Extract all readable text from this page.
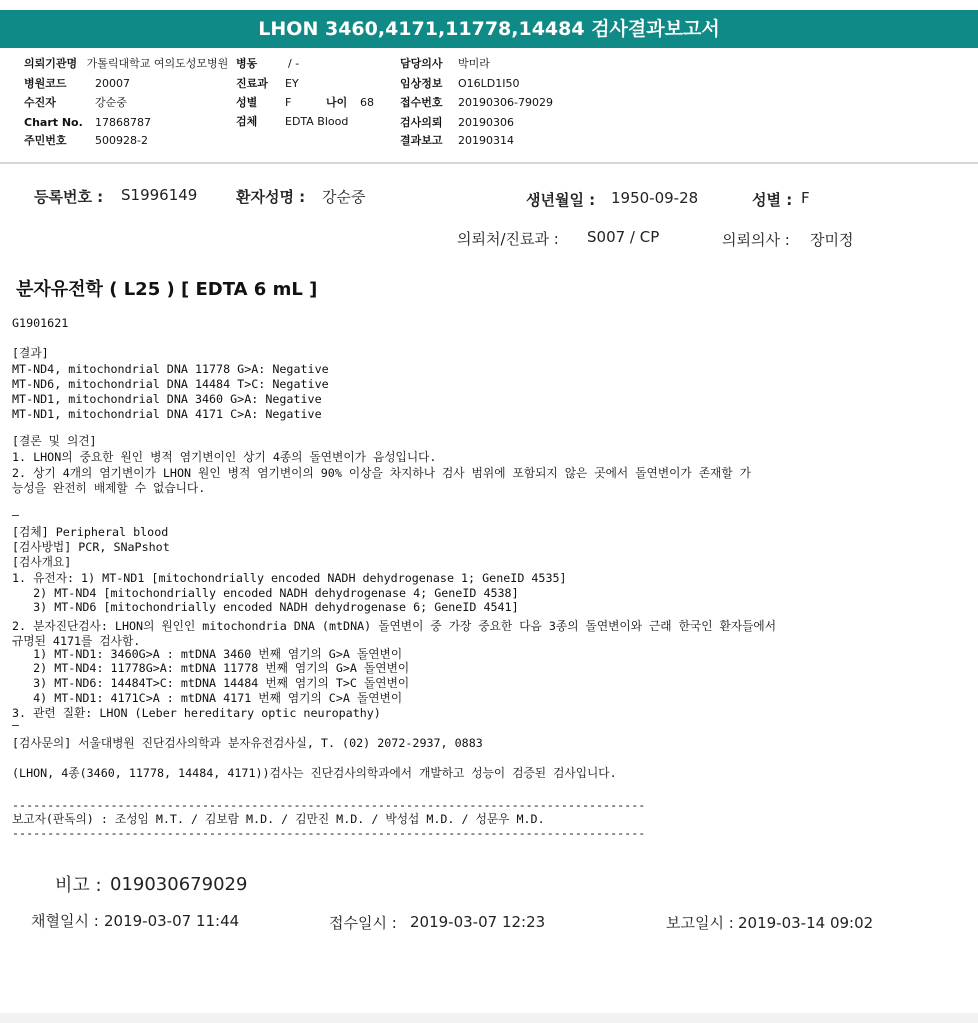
LHON 3460,4171,11778,14484 검사결과보고서
의뢰기관명 가톨릭대학교 여의도성모병원
병원코드	20007
수진자	강순중
Chart No. 17868787
주민번호	500928-2
병동	/ -
진료과 EY
성별	F	나이 68
검체	EDTA Blood
담당의사 박미라
임상정보 O16LD1I50
접수번호 20190306-79029
검사의뢰 20190306
결과보고 20190314
등록번호 : S1996149	환자성명 : 강순중	생년월일 : 1950-09-28	성별 : F
의뢰처/진료과 : S007 / CP	의뢰의사 : 장미정
분자유전학 ( L25 ) [ EDTA 6 mL ]
G1901621
[결과]
MT-ND4, mitochondrial DNA 11778 G>A: Negative
MT-ND6, mitochondrial DNA 14484 T>C: Negative
MT-ND1, mitochondrial DNA 3460 G>A: Negative
MT-ND1, mitochondrial DNA 4171 C>A: Negative
[결론 및 의견]
1. LHON의 중요한 원인 병적 염기변이인 상기 4종의 돌연변이가 음성입니다.
2. 상기 4개의 염기변이가 LHON 원인 병적 염기변이의 90% 이상을 차지하나 검사 범위에 포함되지 않은 곳에서 돌연변이가 존재할 가
능성을 완전히 배제할 수 없습니다.
—
[검체] Peripheral blood
[검사방법] PCR, SNaPshot
[검사개요]
1. 유전자: 1) MT-ND1 [mitochondrially encoded NADH dehydrogenase 1; GeneID 4535]
2) MT-ND4 [mitochondrially encoded NADH dehydrogenase 4; GeneID 4538]
3) MT-ND6 [mitochondrially encoded NADH dehydrogenase 6; GeneID 4541]
2. 분자진단검사: LHON의 원인인 mitochondria DNA (mtDNA) 돌연변이 중 가장 중요한 다음 3종의 돌연변이와 근래 한국인 환자들에서
규명된 4171를 검사함.
1) MT-ND1: 3460G>A : mtDNA 3460 번째 염기의 G>A 돌연변이
2) MT-ND4: 11778G>A: mtDNA 11778 번째 염기의 G>A 돌연변이
3) MT-ND6: 14484T>C: mtDNA 14484 번째 염기의 T>C 돌연변이
4) MT-ND1: 4171C>A : mtDNA 4171 번째 염기의 C>A 돌연변이
3. 관련 질환: LHON (Leber hereditary optic neuropathy)
—
[검사문의] 서울대병원 진단검사의학과 분자유전검사실, T. (02) 2072-2937, 0883
(LHON, 4종(3460, 11778, 14484, 4171))검사는 진단검사의학과에서 개발하고 성능이 검증된 검사입니다.
------------------------------------------------------------------------------------------
보고자(판독의) : 조성임 M.T. / 김보람 M.D. / 김만진 M.D. / 박성섭 M.D. / 성문우 M.D.
------------------------------------------------------------------------------------------
비고 : 019030679029
채혈일시 : 2019-03-07 11:44	접수일시 : 2019-03-07 12:23	보고일시 : 2019-03-14 09:02
